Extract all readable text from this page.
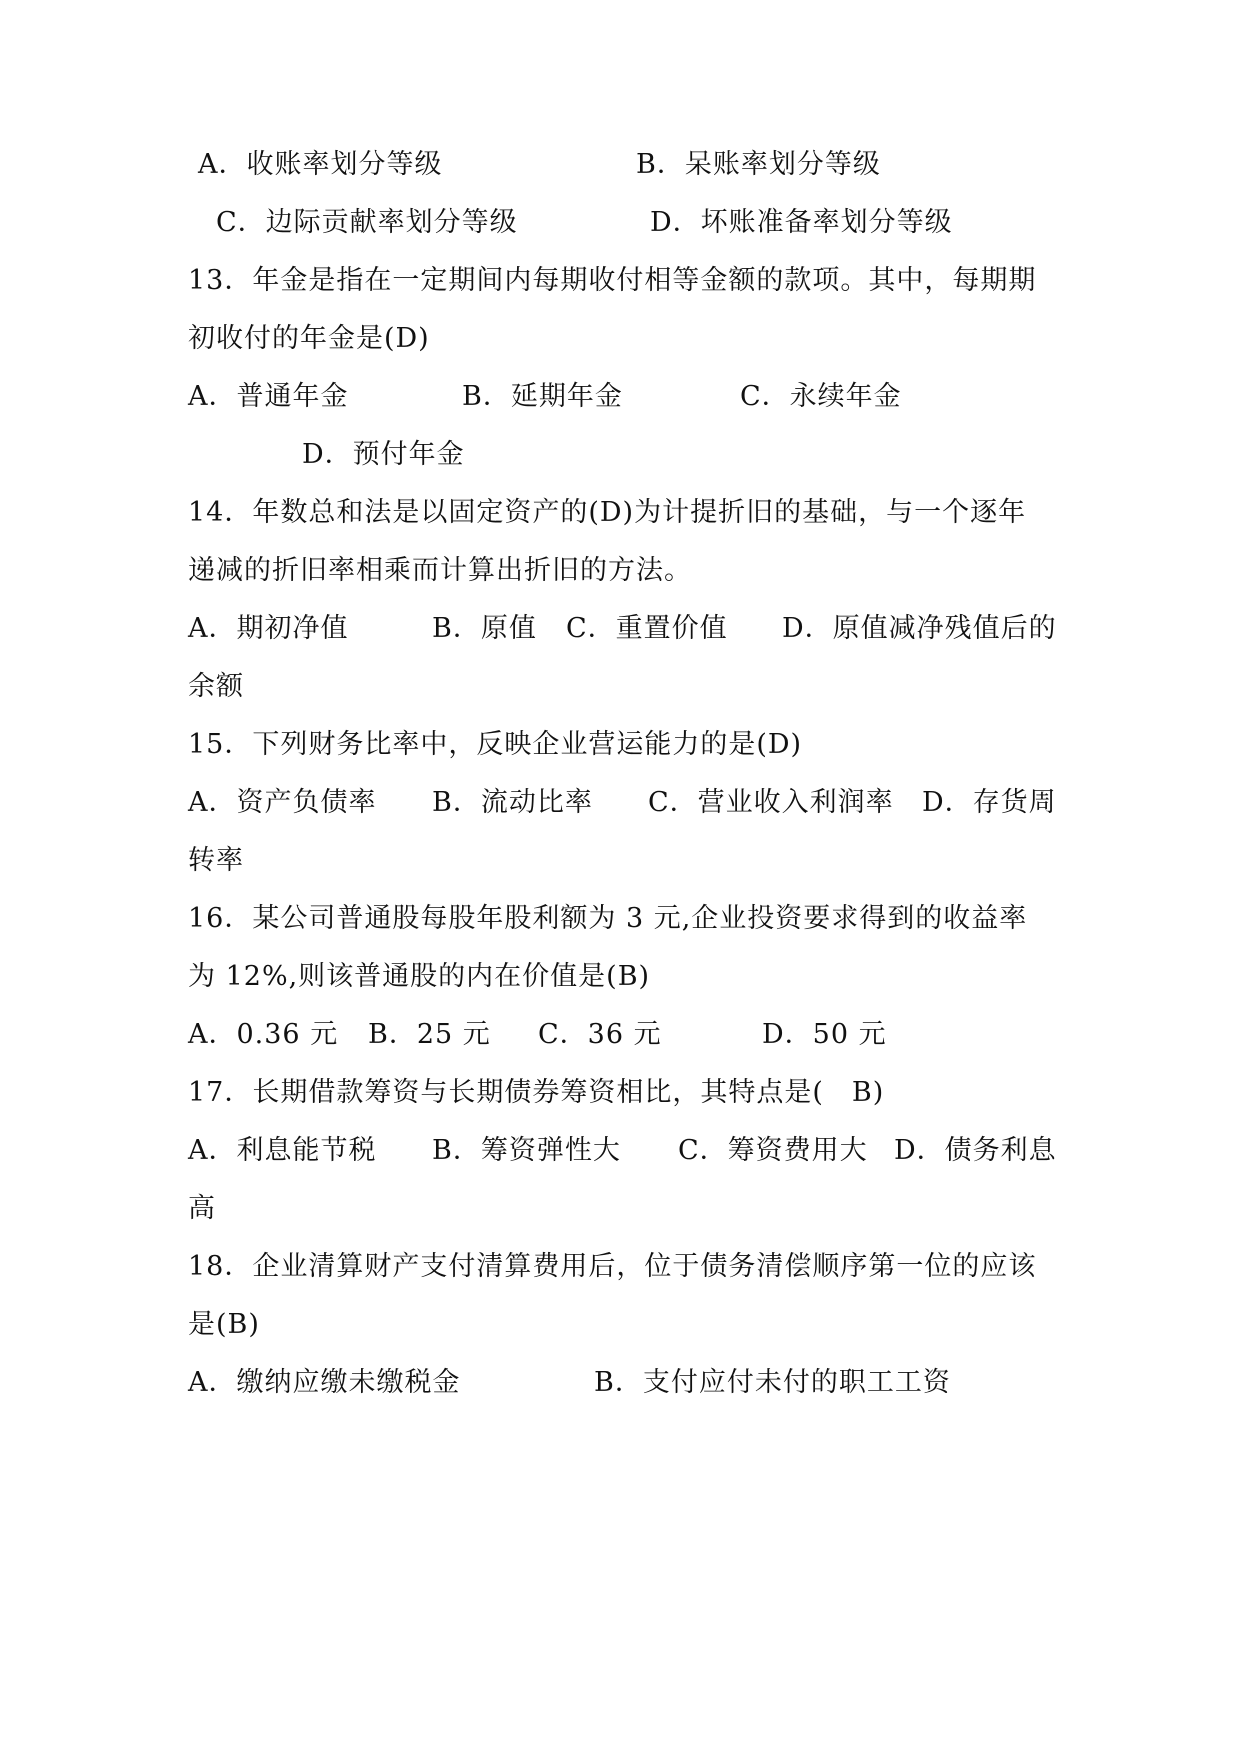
A．收账率划分等级	B．呆账率划分等级
C．边际贡献率划分等级	D．坏账准备率划分等级
13．年金是指在一定期间内每期收付相等金额的款项。其中，每期期
初收付的年金是(D)
A．普通年金	B．延期年金	C．永续年金
D．预付年金
14．年数总和法是以固定资产的(D)为计提折旧的基础，与一个逐年
递减的折旧率相乘而计算出折旧的方法。
A．期初净值	B．原值 C．重置价值 D．原值减净残值后的
余额
15．下列财务比率中，反映企业营运能力的是(D)
A．资产负债率 B．流动比率 C．营业收入利润率 D．存货周
转率
16．某公司普通股每股年股利额为 3 元,企业投资要求得到的收益率
为 12%,则该普通股的内在价值是(B)
A．0.36 元 B．25 元 C．36 元	D．50 元
17．长期借款筹资与长期债券筹资相比，其特点是(　B)
A．利息能节税 B．筹资弹性大 C．筹资费用大 D．债务利息
高
18．企业清算财产支付清算费用后，位于债务清偿顺序第一位的应该
是(B)
A．缴纳应缴未缴税金	B．支付应付未付的职工工资
